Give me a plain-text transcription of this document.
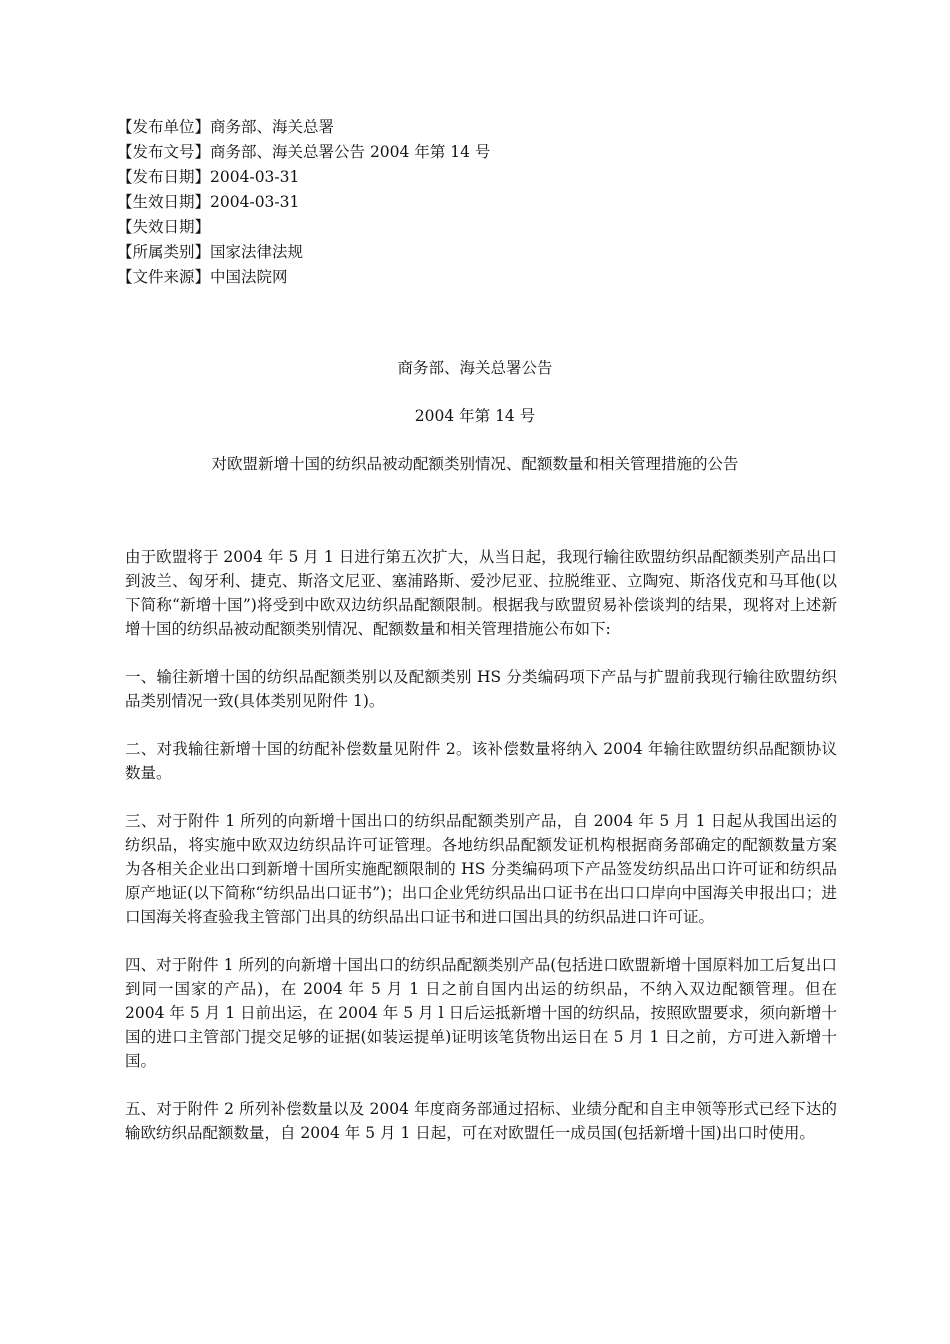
【发布单位】商务部、海关总署
【发布文号】商务部、海关总署公告 2004 年第 14 号
【发布日期】2004-03-31
【生效日期】2004-03-31
【失效日期】
【所属类别】国家法律法规
【文件来源】中国法院网
商务部、海关总署公告
2004 年第 14 号
对欧盟新增十国的纺织品被动配额类别情况、配额数量和相关管理措施的公告

由于欧盟将于 2004 年 5 月 1 日进行第五次扩大，从当日起，我现行输往欧盟纺织品配额类别产品出口到波兰、匈牙利、捷克、斯洛文尼亚、塞浦路斯、爱沙尼亚、拉脱维亚、立陶宛、斯洛伐克和马耳他(以下简称“新增十国”)将受到中欧双边纺织品配额限制。根据我与欧盟贸易补偿谈判的结果，现将对上述新增十国的纺织品被动配额类别情况、配额数量和相关管理措施公布如下:

一、输往新增十国的纺织品配额类别以及配额类别 HS 分类编码项下产品与扩盟前我现行输往欧盟纺织品类别情况一致(具体类别见附件 1)。

二、对我输往新增十国的纺配补偿数量见附件 2。该补偿数量将纳入 2004 年输往欧盟纺织品配额协议数量。

三、对于附件 1 所列的向新增十国出口的纺织品配额类别产品，自 2004 年 5 月 1 日起从我国出运的纺织品，将实施中欧双边纺织品许可证管理。各地纺织品配额发证机构根据商务部确定的配额数量方案为各相关企业出口到新增十国所实施配额限制的 HS 分类编码项下产品签发纺织品出口许可证和纺织品原产地证(以下简称“纺织品出口证书”)；出口企业凭纺织品出口证书在出口口岸向中国海关申报出口；进口国海关将查验我主管部门出具的纺织品出口证书和进口国出具的纺织品进口许可证。

四、对于附件 1 所列的向新增十国出口的纺织品配额类别产品(包括进口欧盟新增十国原料加工后复出口到同一国家的产品)，在 2004 年 5 月 1 日之前自国内出运的纺织品，不纳入双边配额管理。但在 2004 年 5 月 1 日前出运，在 2004 年 5 月 l 日后运抵新增十国的纺织品，按照欧盟要求，须向新增十国的进口主管部门提交足够的证据(如装运提单)证明该笔货物出运日在 5 月 1 日之前，方可进入新增十国。

五、对于附件 2 所列补偿数量以及 2004 年度商务部通过招标、业绩分配和自主申领等形式已经下达的输欧纺织品配额数量，自 2004 年 5 月 1 日起，可在对欧盟任一成员国(包括新增十国)出口时使用。
